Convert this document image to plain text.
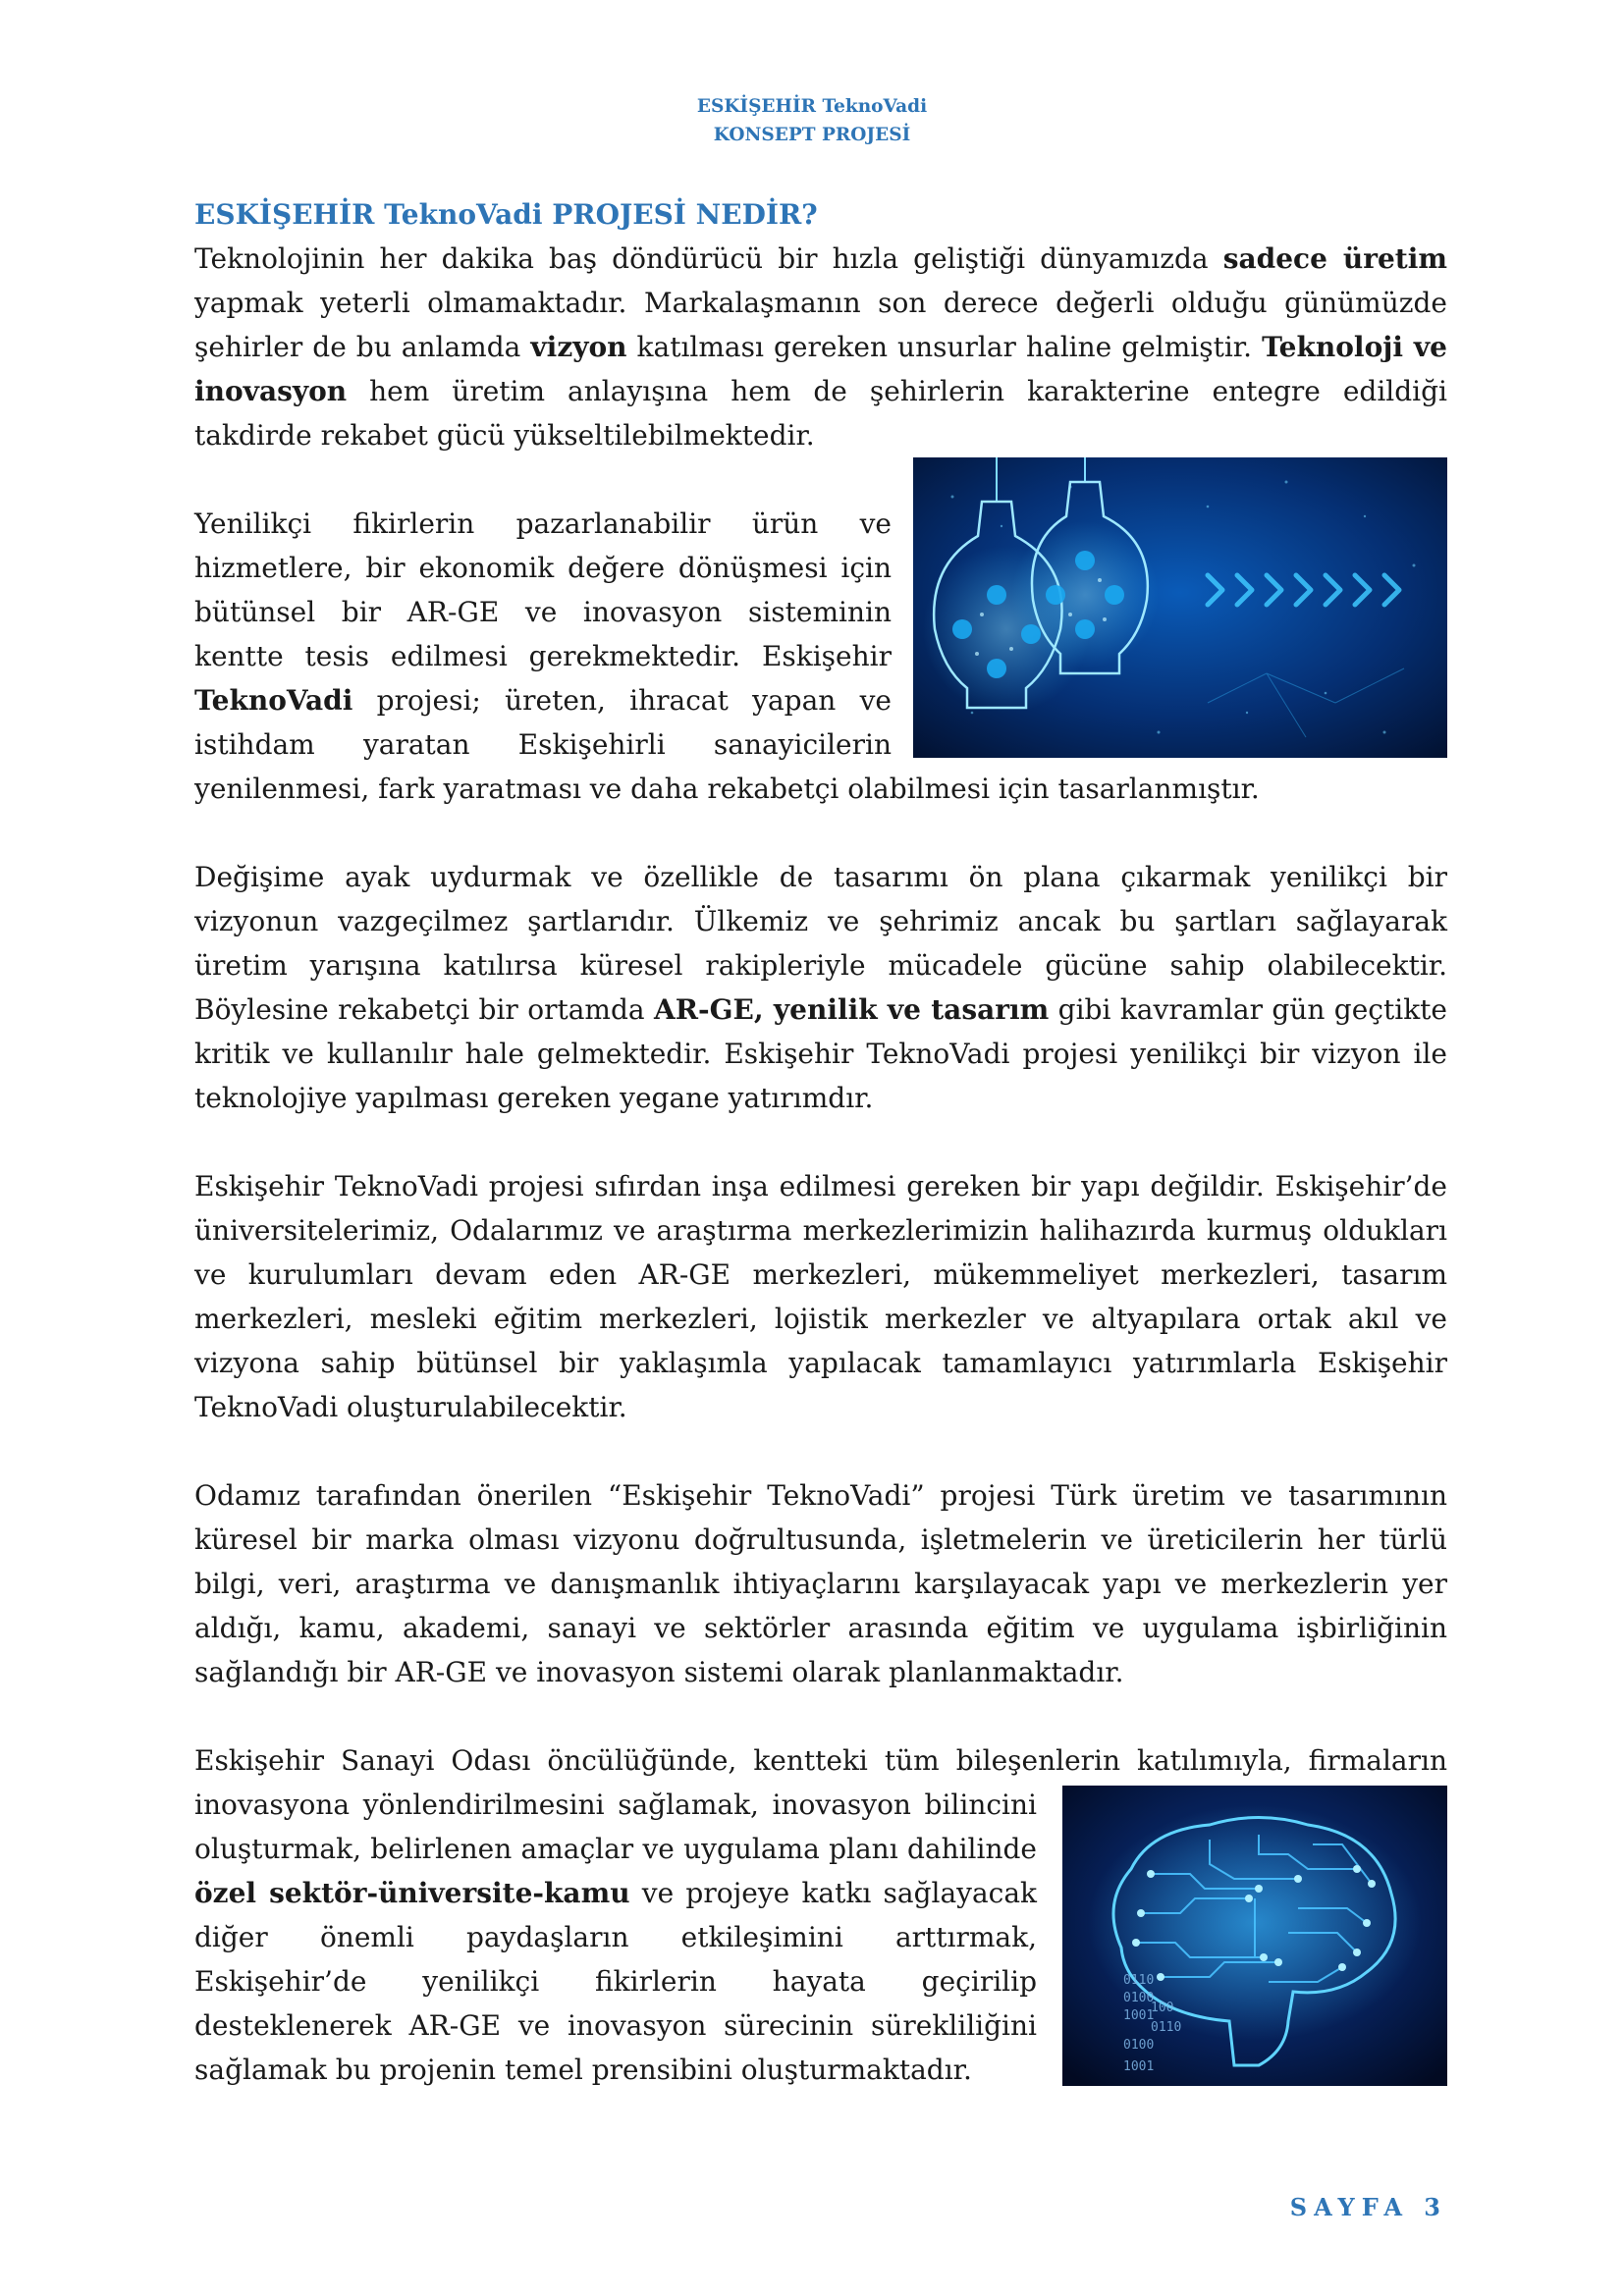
ESKİŞEHİR TeknoVadi
KONSEPT PROJESİ
ESKİŞEHİR TeknoVadi PROJESİ NEDİR?

Teknolojinin her dakika baş döndürücü bir hızla geliştiği dünyamızda sadece üretim yapmak yeterli olmamaktadır. Markalaşmanın son derece değerli olduğu günümüzde şehirler de bu anlamda vizyon katılması gereken unsurlar haline gelmiştir. Teknoloji ve inovasyon hem üretim anlayışına hem de şehirlerin karakterine entegre edildiği takdirde rekabet gücü yükseltilebilmektedir.

Yenilikçi fikirlerin pazarlanabilir ürün ve hizmetlere, bir ekonomik değere dönüşmesi için bütünsel bir AR-GE ve inovasyon sisteminin kentte tesis edilmesi gerekmektedir. Eskişehir TeknoVadi projesi; üreten, ihracat yapan ve istihdam yaratan Eskişehirli sanayicilerin yenilenmesi, fark yaratması ve daha rekabetçi olabilmesi için tasarlanmıştır.

Değişime ayak uydurmak ve özellikle de tasarımı ön plana çıkarmak yenilikçi bir vizyonun vazgeçilmez şartlarıdır. Ülkemiz ve şehrimiz ancak bu şartları sağlayarak üretim yarışına katılırsa küresel rakipleriyle mücadele gücüne sahip olabilecektir. Böylesine rekabetçi bir ortamda AR-GE, yenilik ve tasarım gibi kavramlar gün geçtikte kritik ve kullanılır hale gelmektedir. Eskişehir TeknoVadi projesi yenilikçi bir vizyon ile teknolojiye yapılması gereken yegane yatırımdır.

Eskişehir TeknoVadi projesi sıfırdan inşa edilmesi gereken bir yapı değildir. Eskişehir’de üniversitelerimiz, Odalarımız ve araştırma merkezlerimizin halihazırda kurmuş oldukları ve kurulumları devam eden AR-GE merkezleri, mükemmeliyet merkezleri, tasarım merkezleri, mesleki eğitim merkezleri, lojistik merkezler ve altyapılara ortak akıl ve vizyona sahip bütünsel bir yaklaşımla yapılacak tamamlayıcı yatırımlarla Eskişehir TeknoVadi oluşturulabilecektir.

Odamız tarafından önerilen “Eskişehir TeknoVadi” projesi Türk üretim ve tasarımının küresel bir marka olması vizyonu doğrultusunda, işletmelerin ve üreticilerin her türlü bilgi, veri, araştırma ve danışmanlık ihtiyaçlarını karşılayacak yapı ve merkezlerin yer aldığı, kamu, akademi, sanayi ve sektörler arasında eğitim ve uygulama işbirliğinin sağlandığı bir AR-GE ve inovasyon sistemi olarak planlanmaktadır.

Eskişehir Sanayi Odası öncülüğünde, kentteki tüm bileşenlerin katılımıyla, firmaların
0110
0100
1001
100
0110
0100
1001
inovasyona yönlendirilmesini sağlamak, inovasyon bilincini oluşturmak, belirlenen amaçlar ve uygulama planı dahilinde özel sektör-üniversite-kamu ve projeye katkı sağlayacak diğer önemli paydaşların etkileşimini arttırmak, Eskişehir’de yenilikçi fikirlerin hayata geçirilip desteklenerek AR-GE ve inovasyon sürecinin sürekliliğini sağlamak bu projenin temel prensibini oluşturmaktadır.

SAYFA 3
